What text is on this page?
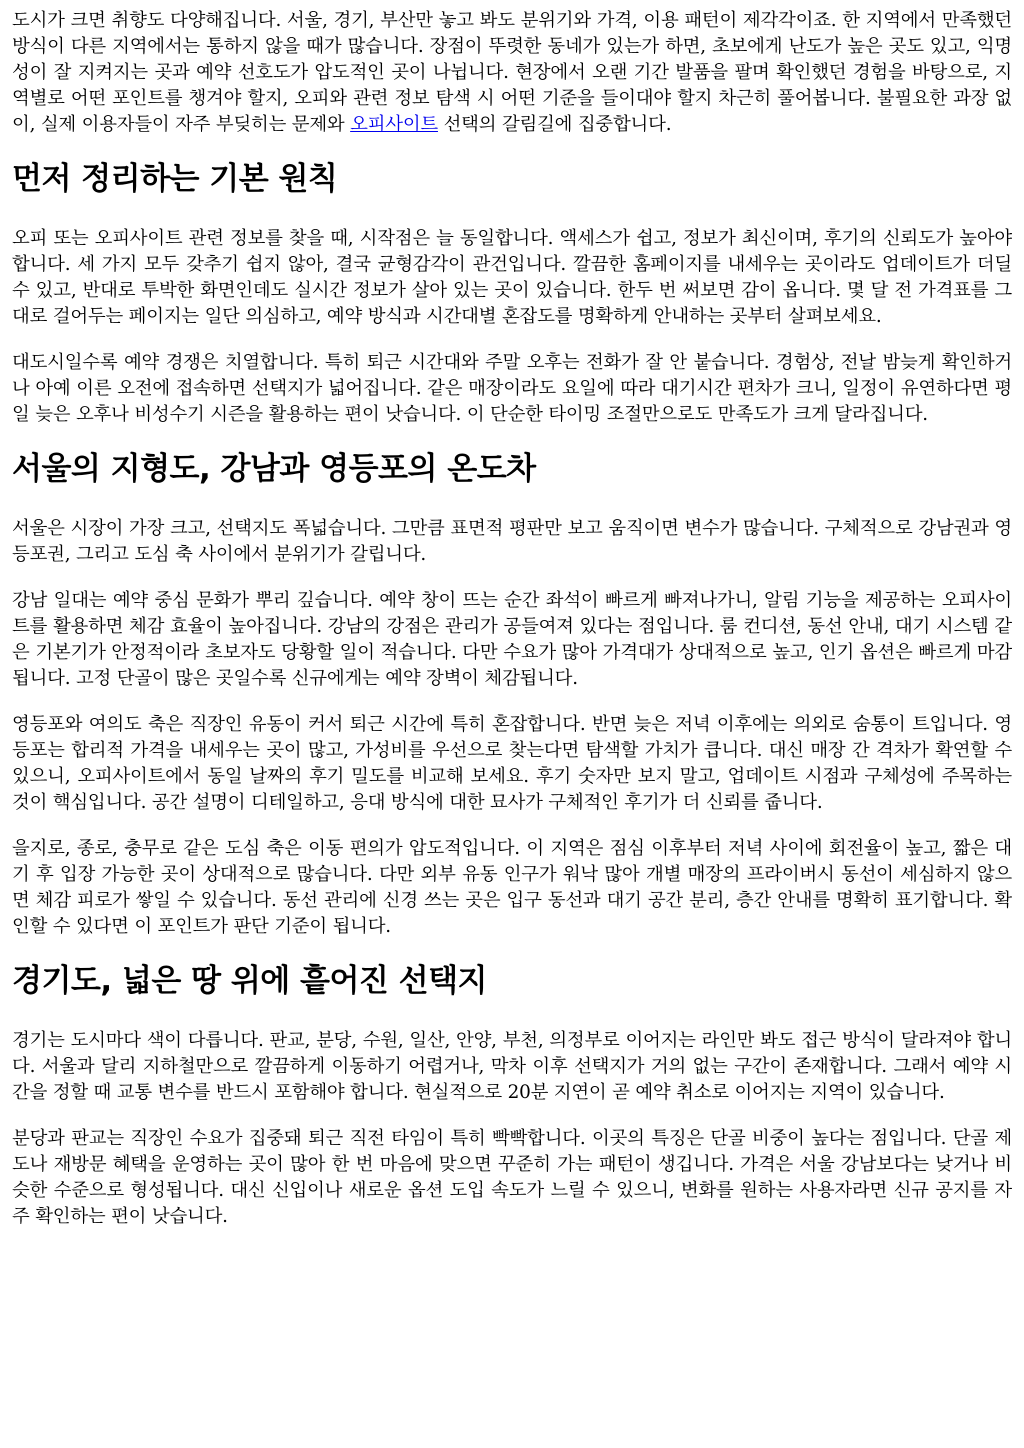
도시가 크면 취향도 다양해집니다. 서울, 경기, 부산만 놓고 봐도 분위기와 가격, 이용 패턴이 제각각이죠. 한 지역에서 만족했던 방식이 다른 지역에서는 통하지 않을 때가 많습니다. 장점이 뚜렷한 동네가 있는가 하면, 초보에게 난도가 높은 곳도 있고, 익명성이 잘 지켜지는 곳과 예약 선호도가 압도적인 곳이 나뉩니다. 현장에서 오랜 기간 발품을 팔며 확인했던 경험을 바탕으로, 지역별로 어떤 포인트를 챙겨야 할지, 오피와 관련 정보 탐색 시 어떤 기준을 들이대야 할지 차근히 풀어봅니다. 불필요한 과장 없이, 실제 이용자들이 자주 부딪히는 문제와 오피사이트 선택의 갈림길에 집중합니다.

먼저 정리하는 기본 원칙

오피 또는 오피사이트 관련 정보를 찾을 때, 시작점은 늘 동일합니다. 액세스가 쉽고, 정보가 최신이며, 후기의 신뢰도가 높아야 합니다. 세 가지 모두 갖추기 쉽지 않아, 결국 균형감각이 관건입니다. 깔끔한 홈페이지를 내세우는 곳이라도 업데이트가 더딜 수 있고, 반대로 투박한 화면인데도 실시간 정보가 살아 있는 곳이 있습니다. 한두 번 써보면 감이 옵니다. 몇 달 전 가격표를 그대로 걸어두는 페이지는 일단 의심하고, 예약 방식과 시간대별 혼잡도를 명확하게 안내하는 곳부터 살펴보세요.

대도시일수록 예약 경쟁은 치열합니다. 특히 퇴근 시간대와 주말 오후는 전화가 잘 안 붙습니다. 경험상, 전날 밤늦게 확인하거나 아예 이른 오전에 접속하면 선택지가 넓어집니다. 같은 매장이라도 요일에 따라 대기시간 편차가 크니, 일정이 유연하다면 평일 늦은 오후나 비성수기 시즌을 활용하는 편이 낫습니다. 이 단순한 타이밍 조절만으로도 만족도가 크게 달라집니다.

서울의 지형도, 강남과 영등포의 온도차

서울은 시장이 가장 크고, 선택지도 폭넓습니다. 그만큼 표면적 평판만 보고 움직이면 변수가 많습니다. 구체적으로 강남권과 영등포권, 그리고 도심 축 사이에서 분위기가 갈립니다.

강남 일대는 예약 중심 문화가 뿌리 깊습니다. 예약 창이 뜨는 순간 좌석이 빠르게 빠져나가니, 알림 기능을 제공하는 오피사이트를 활용하면 체감 효율이 높아집니다. 강남의 강점은 관리가 공들여져 있다는 점입니다. 룸 컨디션, 동선 안내, 대기 시스템 같은 기본기가 안정적이라 초보자도 당황할 일이 적습니다. 다만 수요가 많아 가격대가 상대적으로 높고, 인기 옵션은 빠르게 마감됩니다. 고정 단골이 많은 곳일수록 신규에게는 예약 장벽이 체감됩니다.

영등포와 여의도 축은 직장인 유동이 커서 퇴근 시간에 특히 혼잡합니다. 반면 늦은 저녁 이후에는 의외로 숨통이 트입니다. 영등포는 합리적 가격을 내세우는 곳이 많고, 가성비를 우선으로 찾는다면 탐색할 가치가 큽니다. 대신 매장 간 격차가 확연할 수 있으니, 오피사이트에서 동일 날짜의 후기 밀도를 비교해 보세요. 후기 숫자만 보지 말고, 업데이트 시점과 구체성에 주목하는 것이 핵심입니다. 공간 설명이 디테일하고, 응대 방식에 대한 묘사가 구체적인 후기가 더 신뢰를 줍니다.

을지로, 종로, 충무로 같은 도심 축은 이동 편의가 압도적입니다. 이 지역은 점심 이후부터 저녁 사이에 회전율이 높고, 짧은 대기 후 입장 가능한 곳이 상대적으로 많습니다. 다만 외부 유동 인구가 워낙 많아 개별 매장의 프라이버시 동선이 세심하지 않으면 체감 피로가 쌓일 수 있습니다. 동선 관리에 신경 쓰는 곳은 입구 동선과 대기 공간 분리, 층간 안내를 명확히 표기합니다. 확인할 수 있다면 이 포인트가 판단 기준이 됩니다.

경기도, 넓은 땅 위에 흩어진 선택지

경기는 도시마다 색이 다릅니다. 판교, 분당, 수원, 일산, 안양, 부천, 의정부로 이어지는 라인만 봐도 접근 방식이 달라져야 합니다. 서울과 달리 지하철만으로 깔끔하게 이동하기 어렵거나, 막차 이후 선택지가 거의 없는 구간이 존재합니다. 그래서 예약 시간을 정할 때 교통 변수를 반드시 포함해야 합니다. 현실적으로 20분 지연이 곧 예약 취소로 이어지는 지역이 있습니다.

분당과 판교는 직장인 수요가 집중돼 퇴근 직전 타임이 특히 빡빡합니다. 이곳의 특징은 단골 비중이 높다는 점입니다. 단골 제도나 재방문 혜택을 운영하는 곳이 많아 한 번 마음에 맞으면 꾸준히 가는 패턴이 생깁니다. 가격은 서울 강남보다는 낮거나 비슷한 수준으로 형성됩니다. 대신 신입이나 새로운 옵션 도입 속도가 느릴 수 있으니, 변화를 원하는 사용자라면 신규 공지를 자주 확인하는 편이 낫습니다.
